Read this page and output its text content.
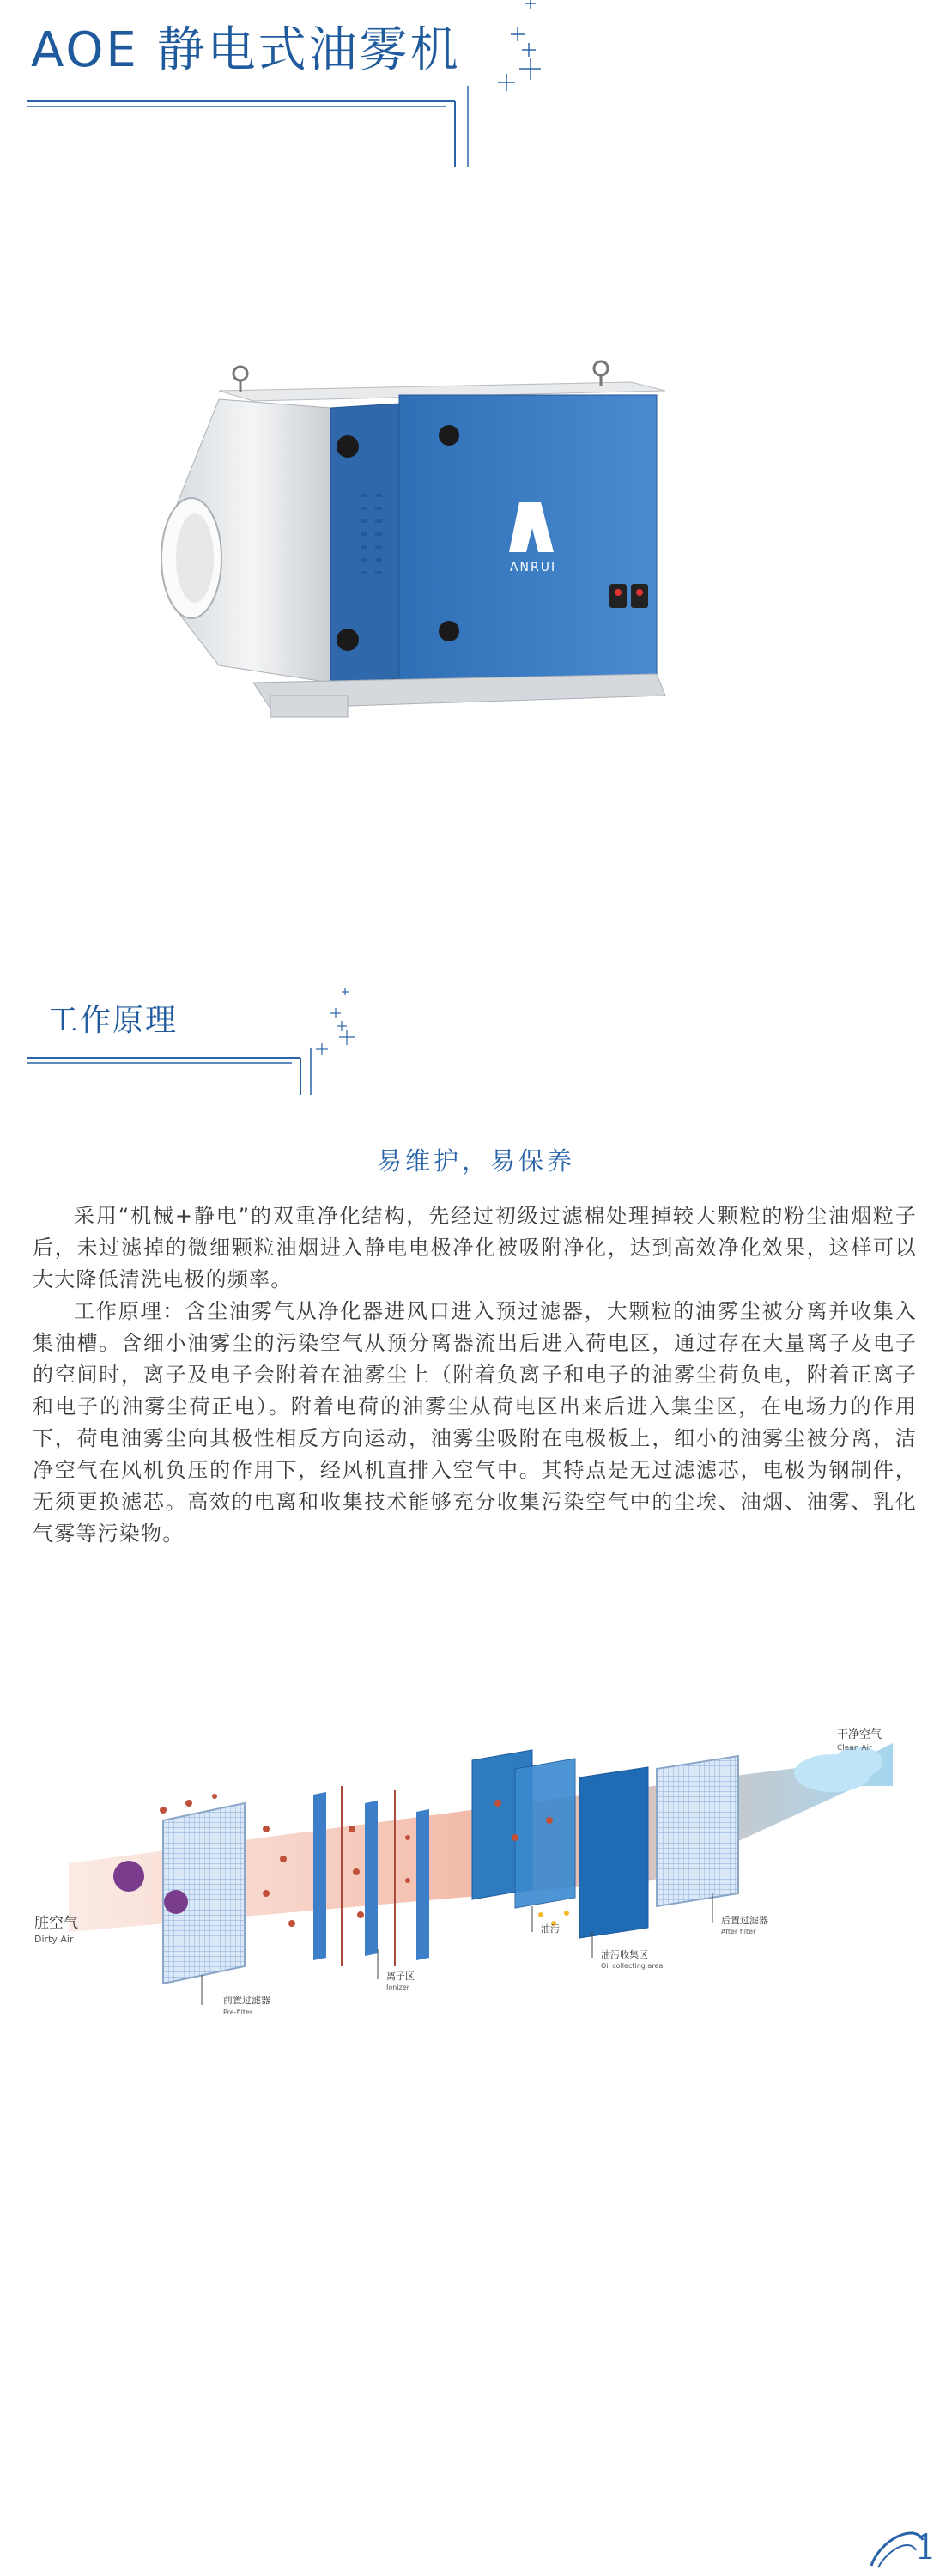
AOE 静电式油雾机
ANRUI
工作原理
易维护，易保养

采用“机械+静电”的双重净化结构，先经过初级过滤棉处理掉较大颗粒的粉尘油烟粒子后，未过滤掉的微细颗粒油烟进入静电电极净化被吸附净化，达到高效净化效果，这样可以大大降低清洗电极的频率。

工作原理：含尘油雾气从净化器进风口进入预过滤器，大颗粒的油雾尘被分离并收集入集油槽。含细小油雾尘的污染空气从预分离器流出后进入荷电区，通过存在大量离子及电子的空间时，离子及电子会附着在油雾尘上（附着负离子和电子的油雾尘荷负电，附着正离子和电子的油雾尘荷正电）。附着电荷的油雾尘从荷电区出来后进入集尘区，在电场力的作用下，荷电油雾尘向其极性相反方向运动，油雾尘吸附在电极板上，细小的油雾尘被分离，洁净空气在风机负压的作用下，经风机直排入空气中。其特点是无过滤滤芯，电极为钢制件，无须更换滤芯。高效的电离和收集技术能够充分收集污染空气中的尘埃、油烟、油雾、乳化气雾等污染物。

脏空气
Dirty Air
前置过滤器
Pre-filter
离子区
Ionizer
油污
油污收集区
Oil collecting area
后置过滤器
After filter
干净空气
Clean Air
1
